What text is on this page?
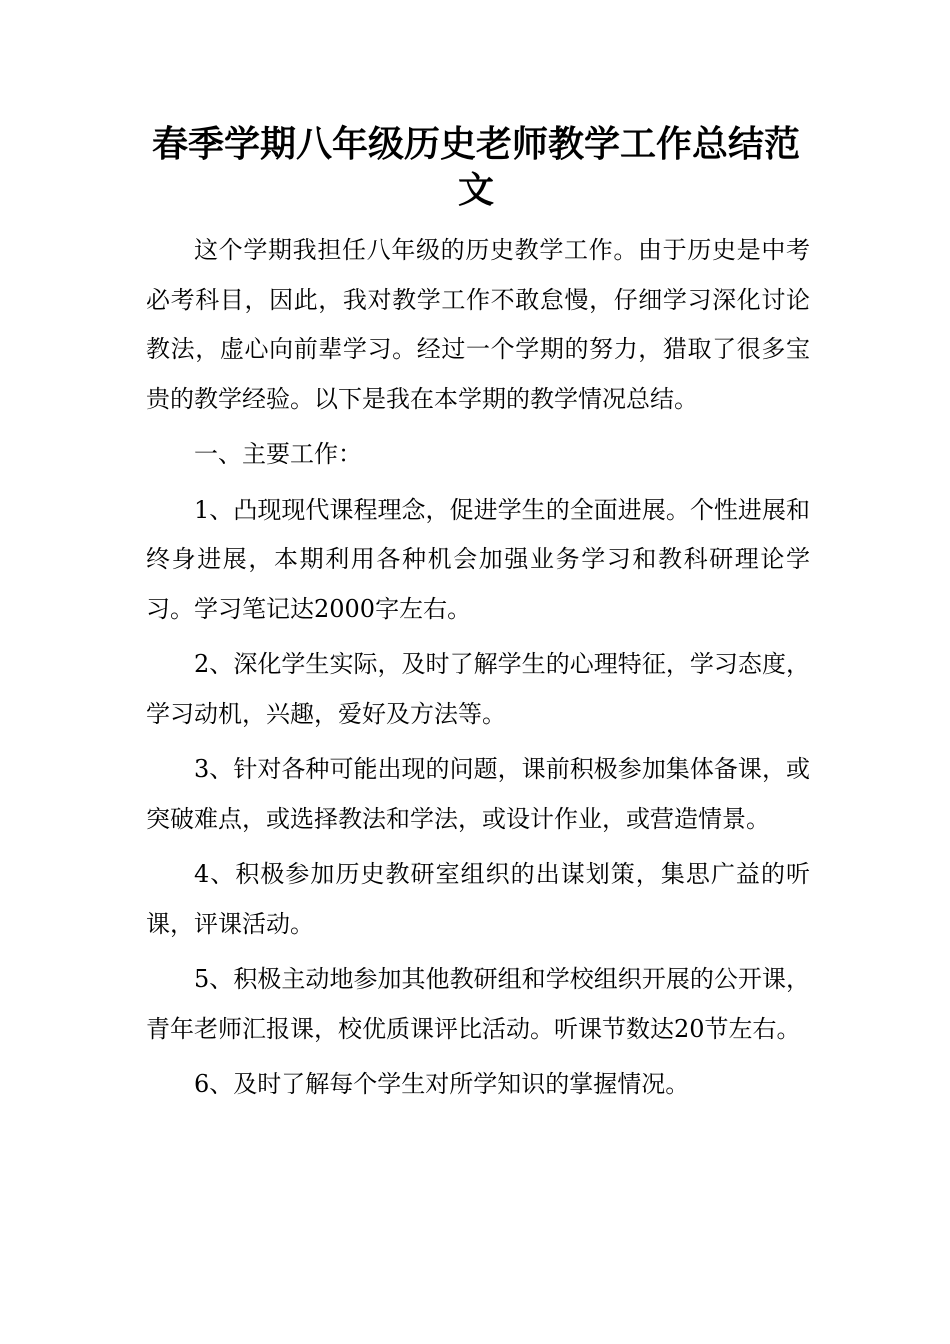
春季学期八年级历史老师教学工作总结范文

这个学期我担任八年级的历史教学工作。由于历史是中考必考科目，因此，我对教学工作不敢怠慢，仔细学习深化讨论教法，虚心向前辈学习。经过一个学期的努力，猎取了很多宝贵的教学经验。以下是我在本学期的教学情况总结。

一、主要工作：

1、凸现现代课程理念，促进学生的全面进展。个性进展和终身进展，本期利用各种机会加强业务学习和教科研理论学习。学习笔记达2000字左右。

2、深化学生实际，及时了解学生的心理特征，学习态度，学习动机，兴趣，爱好及方法等。

3、针对各种可能出现的问题，课前积极参加集体备课，或突破难点，或选择教法和学法，或设计作业，或营造情景。

4、积极参加历史教研室组织的出谋划策，集思广益的听课，评课活动。

5、积极主动地参加其他教研组和学校组织开展的公开课，青年老师汇报课，校优质课评比活动。听课节数达20节左右。

6、及时了解每个学生对所学知识的掌握情况。
